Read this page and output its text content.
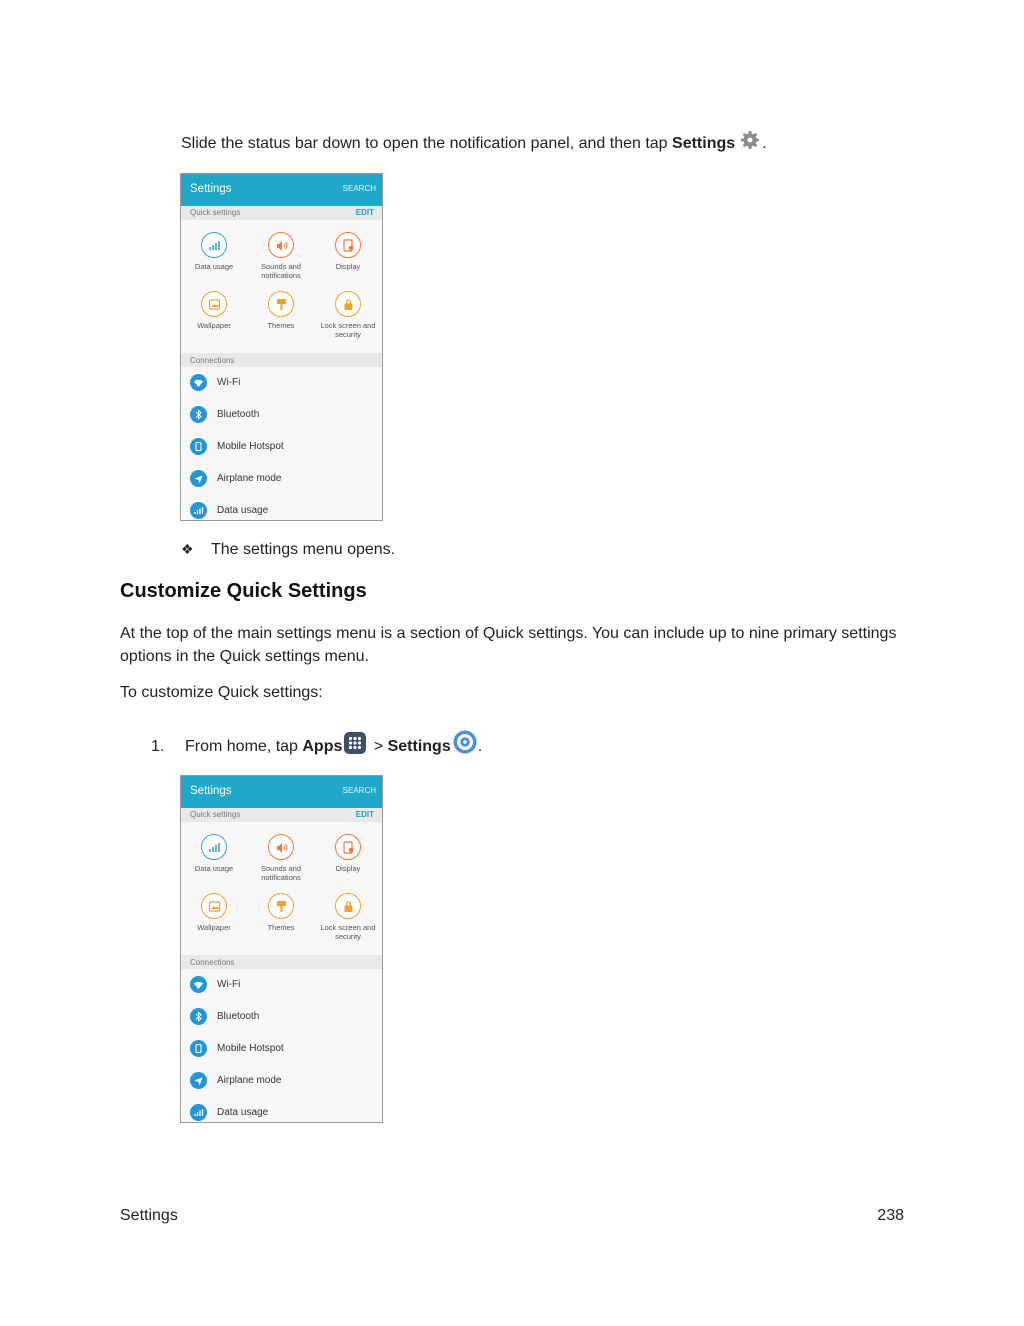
Slide the status bar down to open the notification panel, and then tap Settings .
Settings	SEARCH
Quick settings	EDIT
Data usage	Sounds and notifications
Display
Wallpaper	Themes	Lock screen and security
Connections
Wi-Fi
Bluetooth
Mobile Hotspot
Airplane mode
Data usage
❖ The settings menu opens.
Customize Quick Settings

At the top of the main settings menu is a section of Quick settings. You can include up to nine primary settings options in the Quick settings menu.

To customize Quick settings:

1. From home, tap Apps > Settings .
Settings	SEARCH
Quick settings	EDIT
Data usage	Sounds and notifications
Display
Wallpaper	Themes	Lock screen and security
Connections
Wi-Fi
Bluetooth
Mobile Hotspot
Airplane mode
Data usage
Settings	238
